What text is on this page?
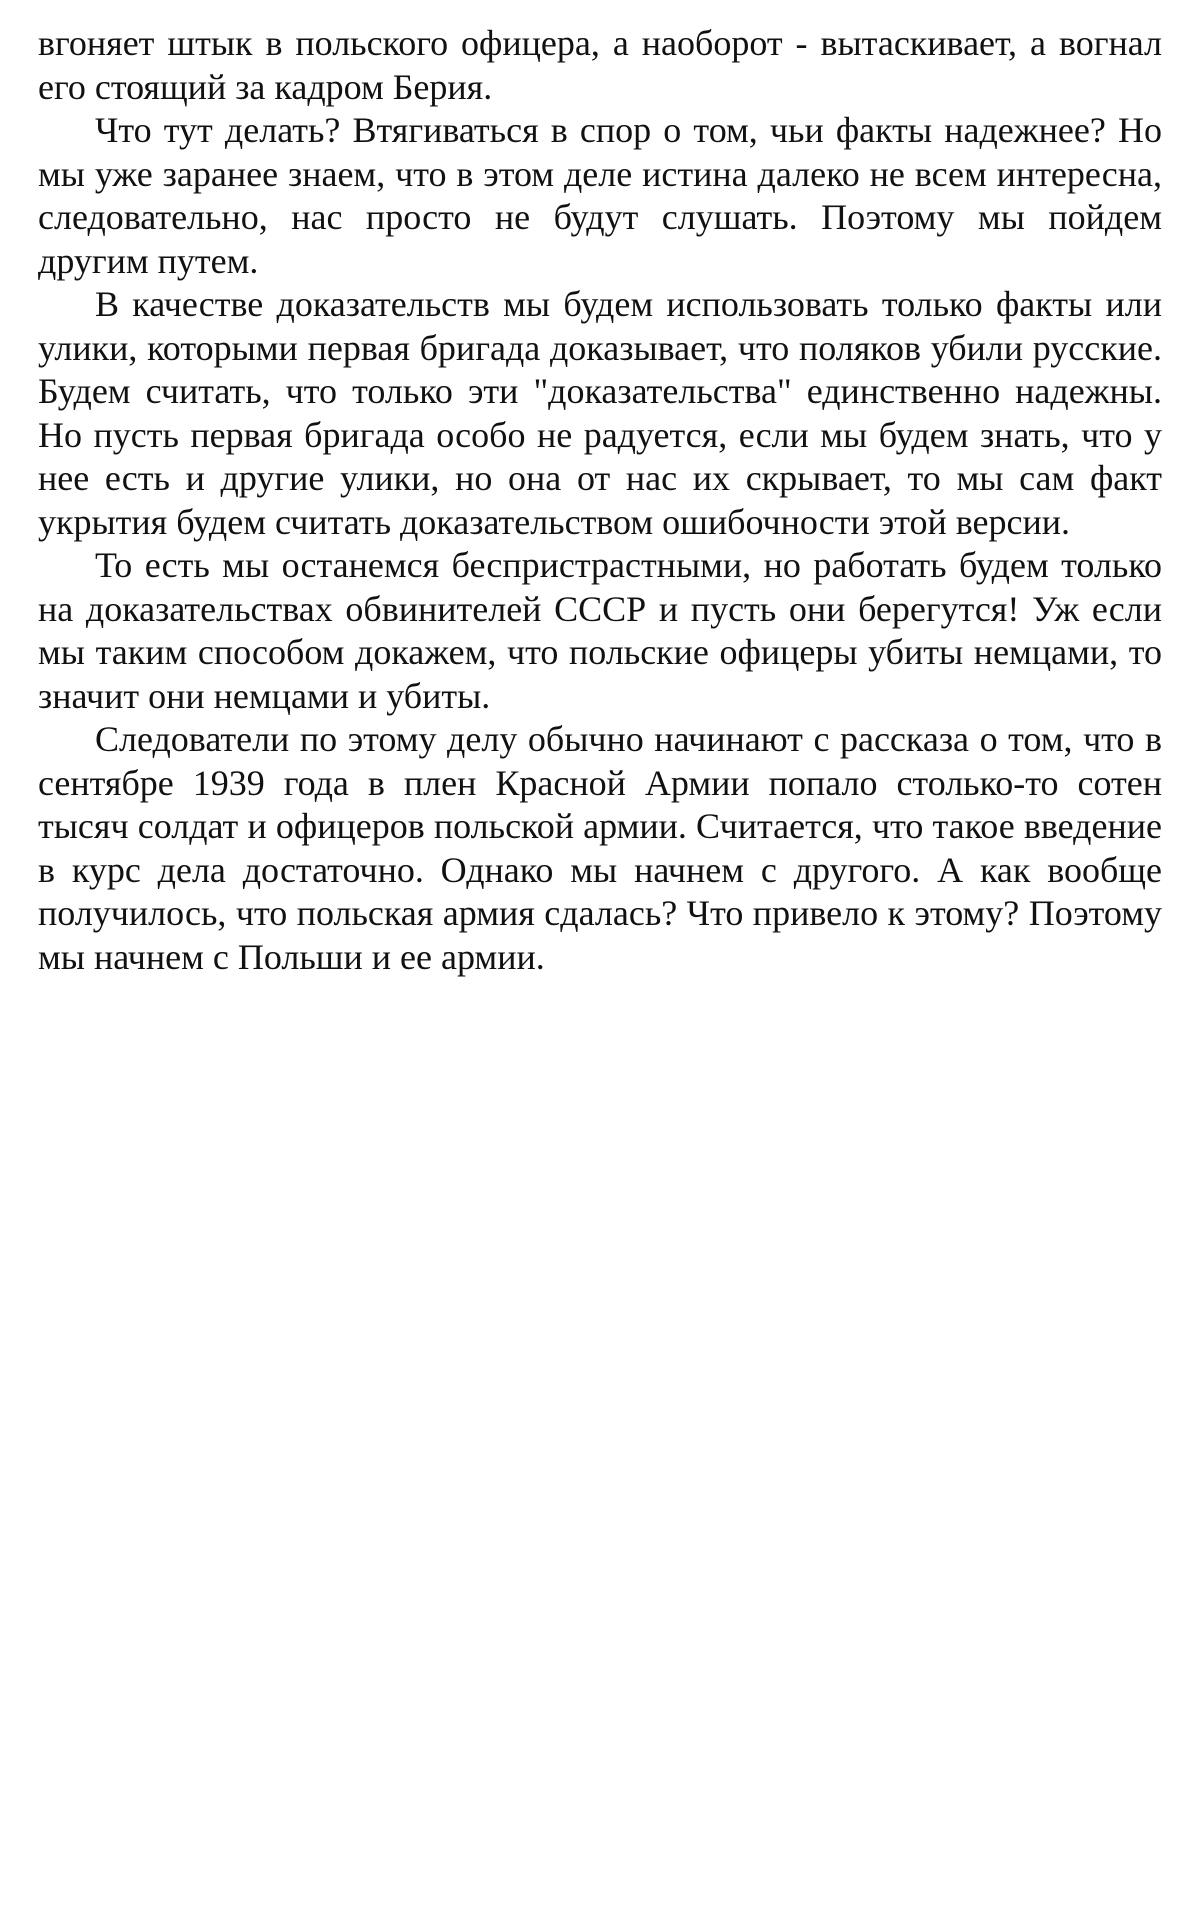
вгоняет штык в польского офицера, а наоборот - вытаскивает, а вогнал его стоящий за кадром Берия.

Что тут делать? Втягиваться в спор о том, чьи факты надежнее? Но мы уже заранее знаем, что в этом деле истина далеко не всем интересна, следовательно, нас просто не будут слушать. Поэтому мы пойдем другим путем.

В качестве доказательств мы будем использовать только факты или улики, которыми первая бригада доказывает, что поляков убили русские. Будем считать, что только эти "доказательства" единственно надежны. Но пусть первая бригада особо не радуется, если мы будем знать, что у нее есть и другие улики, но она от нас их скрывает, то мы сам факт укрытия будем считать доказательством ошибочности этой версии.

То есть мы останемся беспристрастными, но работать будем только на доказательствах обвинителей СССР и пусть они берегутся! Уж если мы таким способом докажем, что польские офицеры убиты немцами, то значит они немцами и убиты.

Следователи по этому делу обычно начинают с рассказа о том, что в сентябре 1939 года в плен Красной Армии попало столько-то сотен тысяч солдат и офицеров польской армии. Считается, что такое введение в курс дела достаточно. Однако мы начнем с другого. А как вообще получилось, что польская армия сдалась? Что привело к этому? Поэтому мы начнем с Польши и ее армии.
